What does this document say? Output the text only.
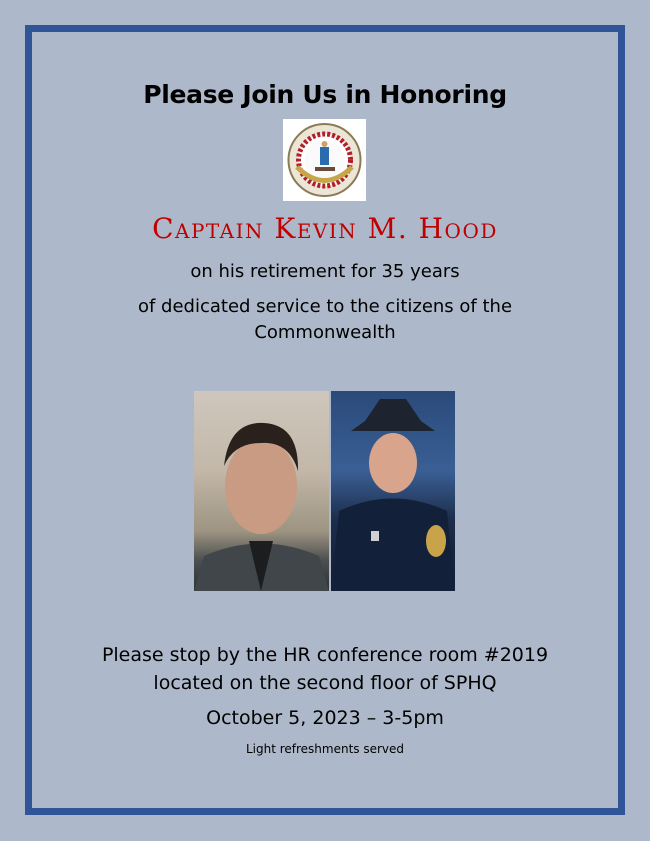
Please Join Us in Honoring
Captain Kevin M. Hood
on his retirement for 35 years
of dedicated service to the citizens of the
Commonwealth
Please stop by the HR conference room #2019
located on the second floor of SPHQ
October 5, 2023 – 3-5pm
Light refreshments served
